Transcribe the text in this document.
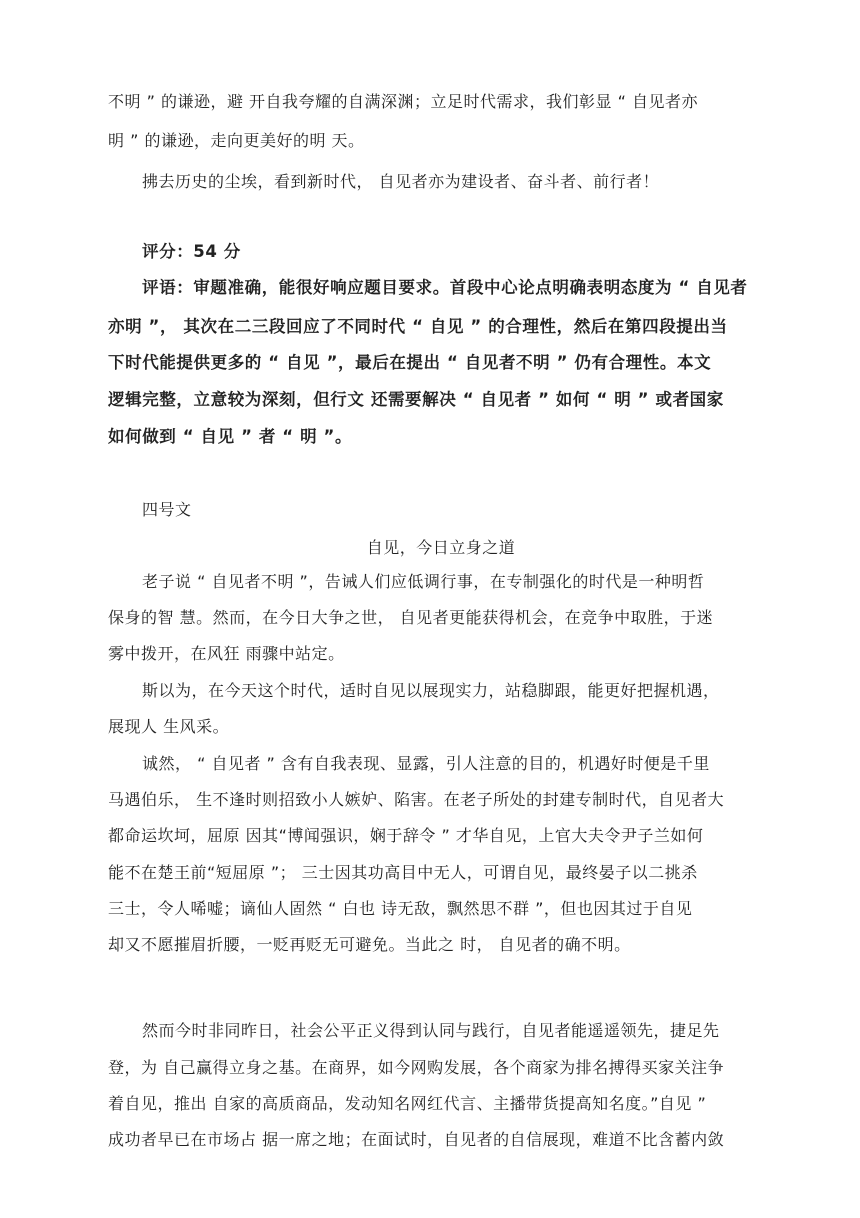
不明 ” 的谦逊，避 开自我夸耀的自满深渊；立足时代需求，我们彰显 “ 自见者亦
明 ” 的谦逊，走向更美好的明 天。
拂去历史的尘埃，看到新时代， 自见者亦为建设者、奋斗者、前行者！
评分：54 分
评语：审题准确，能很好响应题目要求。首段中心论点明确表明态度为 “ 自见者
亦明 ”， 其次在二三段回应了不同时代 “ 自见 ” 的合理性，然后在第四段提出当
下时代能提供更多的 “ 自见 ”，最后在提出 “ 自见者不明 ” 仍有合理性。本文
逻辑完整，立意较为深刻，但行文 还需要解决 “ 自见者 ” 如何 “ 明 ” 或者国家
如何做到 “ 自见 ” 者 “ 明 ”。
四号文
自见，今日立身之道
老子说 “ 自见者不明 ”，告诫人们应低调行事，在专制强化的时代是一种明哲
保身的智 慧。然而，在今日大争之世， 自见者更能获得机会，在竞争中取胜，于迷
雾中拨开，在风狂 雨骤中站定。
斯以为，在今天这个时代，适时自见以展现实力，站稳脚跟，能更好把握机遇，
展现人 生风采。
诚然， “ 自见者 ” 含有自我表现、显露，引人注意的目的，机遇好时便是千里
马遇伯乐， 生不逢时则招致小人嫉妒、陷害。在老子所处的封建专制时代，自见者大
都命运坎坷，屈原 因其“博闻强识，娴于辞令 ” 才华自见，上官大夫令尹子兰如何
能不在楚王前“短屈原 ”； 三士因其功高目中无人，可谓自见，最终晏子以二挑杀
三士，令人唏嘘；谪仙人固然 “ 白也 诗无敌，飘然思不群 ”，但也因其过于自见
却又不愿摧眉折腰，一贬再贬无可避免。当此之 时， 自见者的确不明。
然而今时非同昨日，社会公平正义得到认同与践行，自见者能遥遥领先，捷足先
登，为 自己赢得立身之基。在商界，如今网购发展，各个商家为排名搏得买家关注争
着自见，推出 自家的高质商品，发动知名网红代言、主播带货提高知名度。”自见 ”
成功者早已在市场占 据一席之地；在面试时，自见者的自信展现，难道不比含蓄内敛
